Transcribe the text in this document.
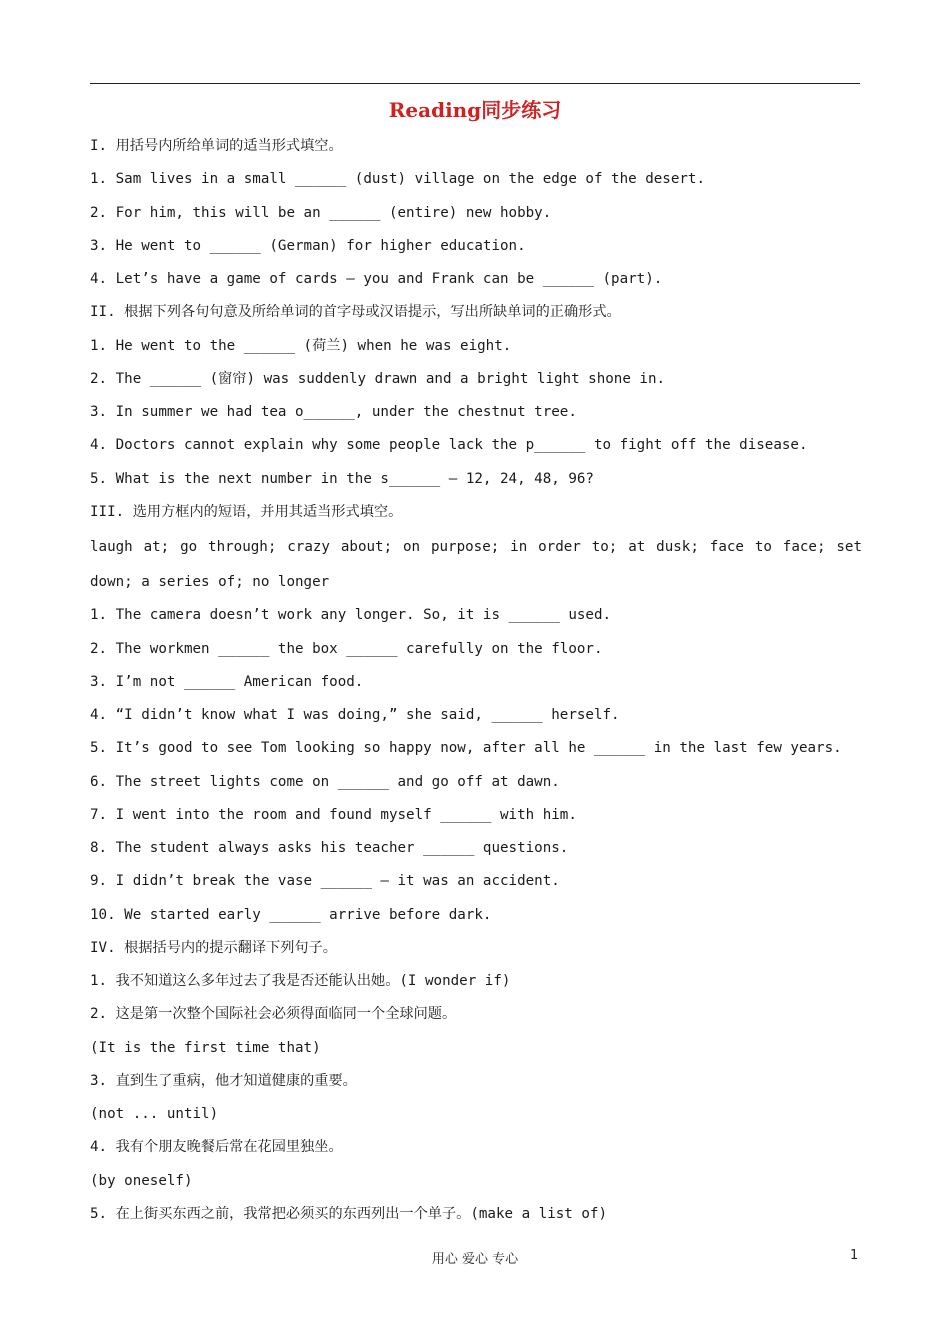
Reading同步练习
I. 用括号内所给单词的适当形式填空。
1. Sam lives in a small ______ (dust) village on the edge of the desert.
2. For him, this will be an ______ (entire) new hobby.
3. He went to ______ (German) for higher education.
4. Let’s have a game of cards — you and Frank can be ______ (part).
II. 根据下列各句句意及所给单词的首字母或汉语提示，写出所缺单词的正确形式。
1. He went to the ______ (荷兰) when he was eight.
2. The ______ (窗帘) was suddenly drawn and a bright light shone in.
3. In summer we had tea o______, under the chestnut tree.
4. Doctors cannot explain why some people lack the p______ to fight off the disease.
5. What is the next number in the s______ — 12, 24, 48, 96?
III. 选用方框内的短语，并用其适当形式填空。
laugh at; go through; crazy about; on purpose; in order to; at dusk; face to face; set
down; a series of; no longer
1. The camera doesn’t work any longer. So, it is ______ used.
2. The workmen ______ the box ______ carefully on the floor.
3. I’m not ______ American food.
4. “I didn’t know what I was doing,” she said, ______ herself.
5. It’s good to see Tom looking so happy now, after all he ______ in the last few years.
6. The street lights come on ______ and go off at dawn.
7. I went into the room and found myself ______ with him.
8. The student always asks his teacher ______ questions.
9. I didn’t break the vase ______ — it was an accident.
10. We started early ______ arrive before dark.
IV. 根据括号内的提示翻译下列句子。
1. 我不知道这么多年过去了我是否还能认出她。(I wonder if)
2. 这是第一次整个国际社会必须得面临同一个全球问题。
(It is the first time that)
3. 直到生了重病，他才知道健康的重要。
(not ... until)
4. 我有个朋友晚餐后常在花园里独坐。
(by oneself)
5. 在上街买东西之前，我常把必须买的东西列出一个单子。(make a list of)
用心 爱心 专心	1
